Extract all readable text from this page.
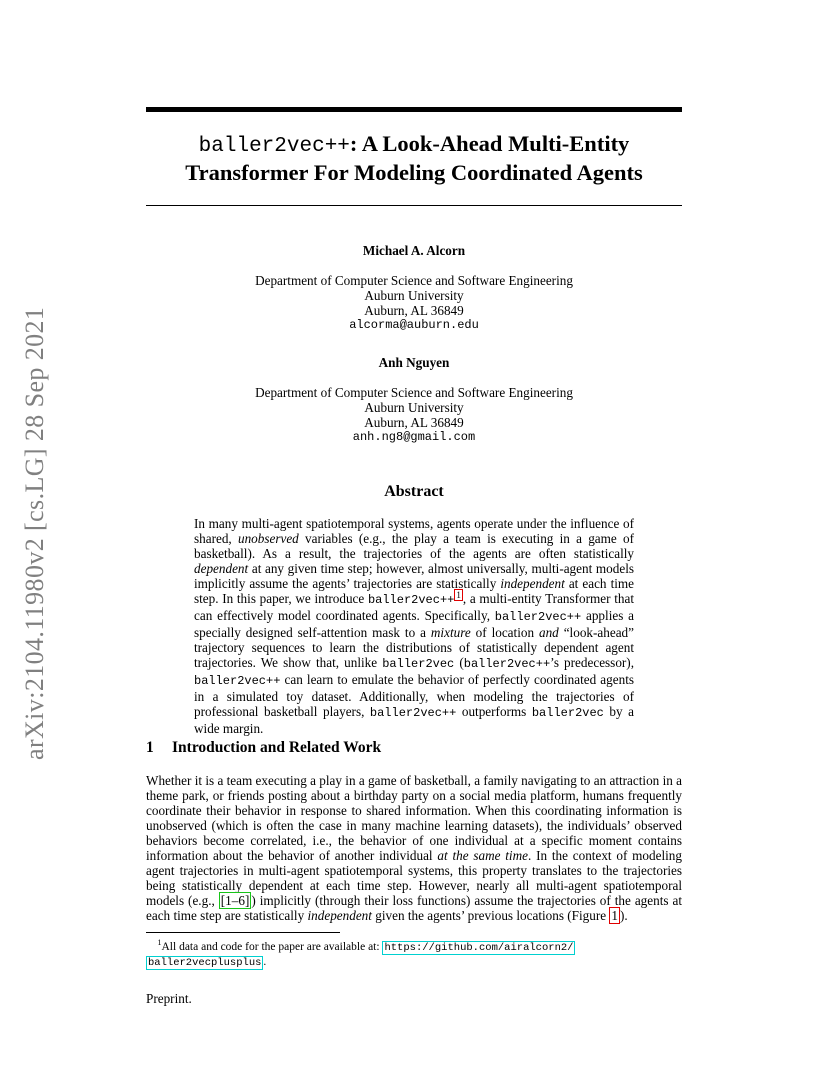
arXiv:2104.11980v2 [cs.LG] 28 Sep 2021
baller2vec++: A Look-Ahead Multi-Entity
Transformer For Modeling Coordinated Agents
Michael A. Alcorn
Department of Computer Science and Software Engineering
Auburn University
Auburn, AL 36849
alcorma@auburn.edu
Anh Nguyen
Department of Computer Science and Software Engineering
Auburn University
Auburn, AL 36849
anh.ng8@gmail.com
Abstract

In many multi-agent spatiotemporal systems, agents operate under the influence of shared, unobserved variables (e.g., the play a team is executing in a game of basketball). As a result, the trajectories of the agents are often statistically dependent at any given time step; however, almost universally, multi-agent models implicitly assume the agents’ trajectories are statistically independent at each time step. In this paper, we introduce baller2vec++ $^1$ , a multi-entity Transformer that can effectively model coordinated agents. Specifically, baller2vec++ applies a specially designed self-attention mask to a mixture of location and “look-ahead” trajectory sequences to learn the distributions of statistically dependent agent trajectories. We show that, unlike baller2vec (baller2vec++’s predecessor), baller2vec++ can learn to emulate the behavior of perfectly coordinated agents in a simulated toy dataset. Additionally, when modeling the trajectories of professional basketball players, baller2vec++ outperforms baller2vec by a wide margin.

1 Introduction and Related Work

Whether it is a team executing a play in a game of basketball, a family navigating to an attraction in a theme park, or friends posting about a birthday party on a social media platform, humans frequently coordinate their behavior in response to shared information. When this coordinating information is unobserved (which is often the case in many machine learning datasets), the individuals’ observed behaviors become correlated, i.e., the behavior of one individual at a specific moment contains information about the behavior of another individual at the same time. In the context of modeling agent trajectories in multi-agent spatiotemporal systems, this property translates to the trajectories being statistically dependent at each time step. However, nearly all multi-agent spatiotemporal models (e.g., [1–6] ) implicitly (through their loss functions) assume the trajectories of the agents at each time step are statistically independent given the agents’ previous locations (Figure 1 ).

$^1$All data and code for the paper are available at: https://github.com/airalcorn2/
baller2vecplusplus .

Preprint.
